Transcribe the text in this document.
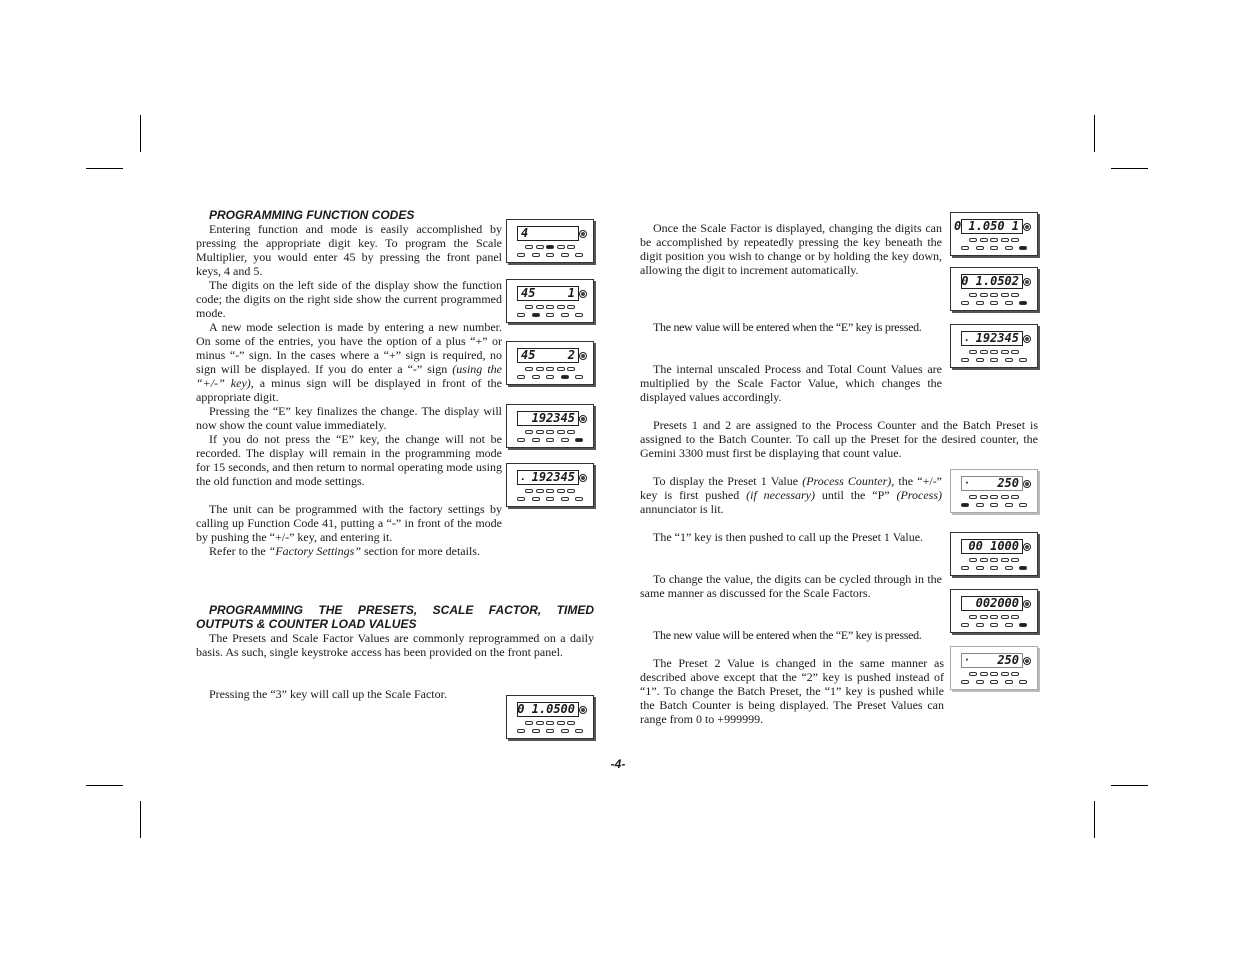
PROGRAMMING FUNCTION CODES

Entering function and mode is easily accomplished by pressing the appropriate digit key. To program the Scale Multiplier, you would enter 45 by pressing the front panel keys, 4 and 5.

The digits on the left side of the display show the function code; the digits on the right side show the current programmed mode.

A new mode selection is made by entering a new number. On some of the entries, you have the option of a plus “+” or minus “-” sign. In the cases where a “+” sign is required, no sign will be displayed. If you do enter a “-” sign (using the “+/-” key), a minus sign will be displayed in front of the appropriate digit.

Pressing the “E” key finalizes the change. The display will now show the count value immediately.

If you do not press the “E” key, the change will not be recorded. The display will remain in the programming mode for 15 seconds, and then return to normal operating mode using the old function and mode settings.

The unit can be programmed with the factory settings by calling up Function Code 41, putting a “-” in front of the mode by pushing the “+/-” key, and entering it.

Refer to the “Factory Settings” section for more details.

PROGRAMMING THE PRESETS, SCALE FACTOR, TIMED OUTPUTS & COUNTER LOAD VALUES

The Presets and Scale Factor Values are commonly reprogrammed on a daily basis. As such, single keystroke access has been provided on the front panel.

Pressing the “3” key will call up the Scale Factor.

Once the Scale Factor is displayed, changing the digits can be accomplished by repeatedly pressing the key beneath the digit position you wish to change or by holding the key down, allowing the digit to increment automatically.

The new value will be entered when the “E” key is pressed.

The internal unscaled Process and Total Count Values are multiplied by the Scale Factor Value, which changes the displayed values accordingly.

Presets 1 and 2 are assigned to the Process Counter and the Batch Preset is assigned to the Batch Counter. To call up the Preset for the desired counter, the Gemini 3300 must first be displaying that count value.

To display the Preset 1 Value (Process Counter), the “+/-” key is first pushed (if necessary) until the “P” (Process) annunciator is lit.

The “1” key is then pushed to call up the Preset 1 Value.

To change the value, the digits can be cycled through in the same manner as discussed for the Scale Factors.

The new value will be entered when the “E” key is pressed.

The Preset 2 Value is changed in the same manner as described above except that the “2” key is pushed instead of “1”. To change the Batch Preset, the “1” key is pushed while the Batch Counter is being displayed. The Preset Values can range from 0 to +999999.

-4-
4
45	1
45	2
192345
. 192345
0 1.0500
0 1.050 1
0 1.0502
. 192345
· 250
00 1000
002000
· 250
